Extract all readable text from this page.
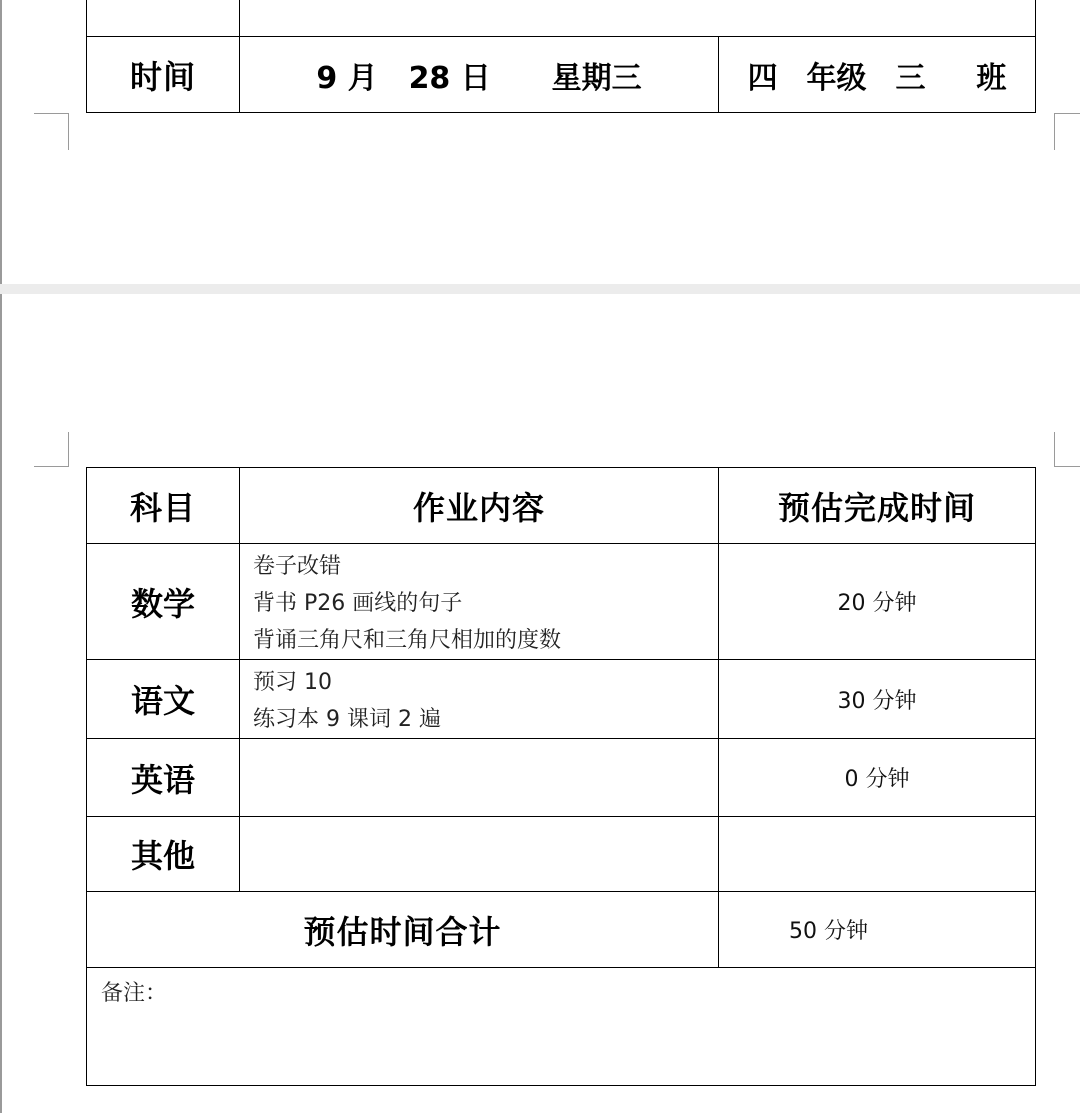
时间	9 月 28 日 星期三	四 年级 三 班
科目	作业内容	预估完成时间
数学	卷子改错
背书 P26 画线的句子
背诵三角尺和三角尺相加的度数	20 分钟
语文	预习 10
练习本 9 课词 2 遍	30 分钟
英语		0 分钟
其他		
预估时间合计		50 分钟
备注：		
